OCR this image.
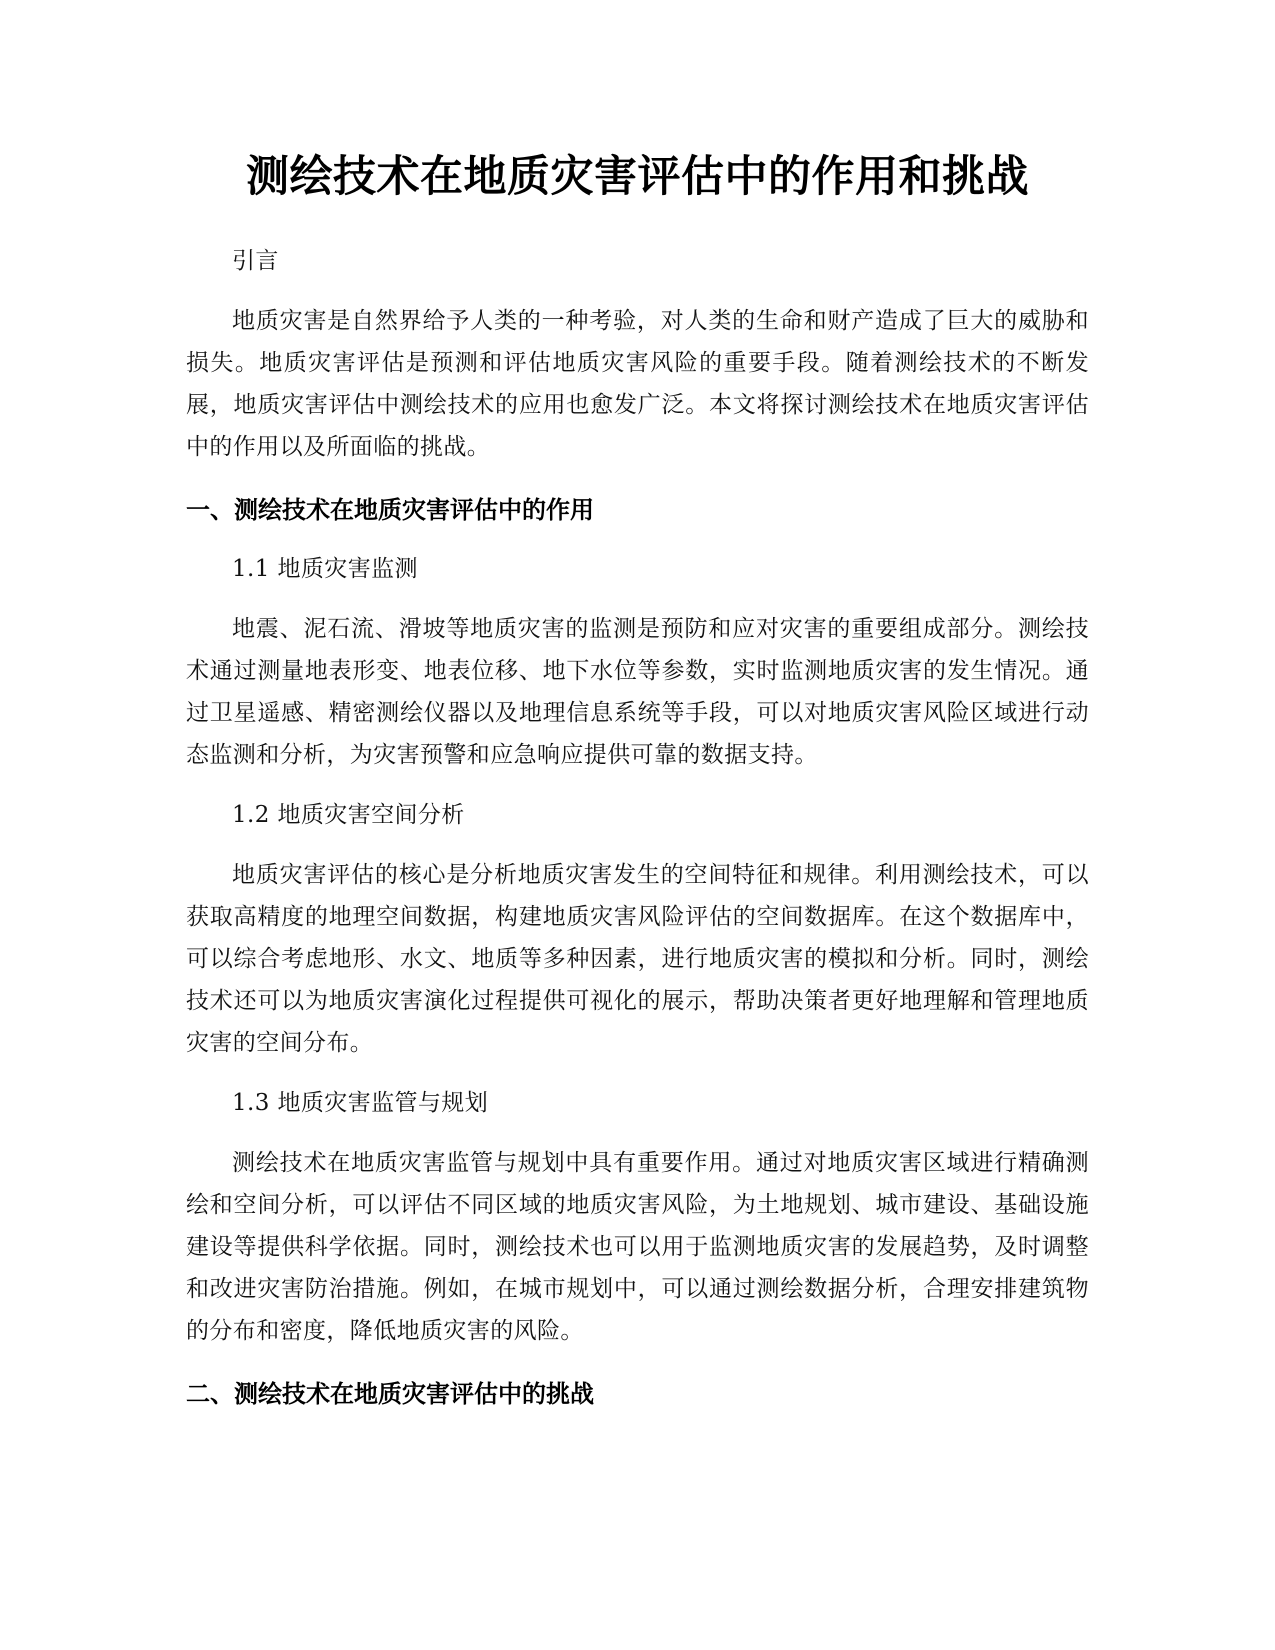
测绘技术在地质灾害评估中的作用和挑战

引言

地质灾害是自然界给予人类的一种考验，对人类的生命和财产造成了巨大的威胁和损失。地质灾害评估是预测和评估地质灾害风险的重要手段。随着测绘技术的不断发展，地质灾害评估中测绘技术的应用也愈发广泛。本文将探讨测绘技术在地质灾害评估中的作用以及所面临的挑战。

一、测绘技术在地质灾害评估中的作用

1.1 地质灾害监测

地震、泥石流、滑坡等地质灾害的监测是预防和应对灾害的重要组成部分。测绘技术通过测量地表形变、地表位移、地下水位等参数，实时监测地质灾害的发生情况。通过卫星遥感、精密测绘仪器以及地理信息系统等手段，可以对地质灾害风险区域进行动态监测和分析，为灾害预警和应急响应提供可靠的数据支持。

1.2 地质灾害空间分析

地质灾害评估的核心是分析地质灾害发生的空间特征和规律。利用测绘技术，可以获取高精度的地理空间数据，构建地质灾害风险评估的空间数据库。在这个数据库中，可以综合考虑地形、水文、地质等多种因素，进行地质灾害的模拟和分析。同时，测绘技术还可以为地质灾害演化过程提供可视化的展示，帮助决策者更好地理解和管理地质灾害的空间分布。

1.3 地质灾害监管与规划

测绘技术在地质灾害监管与规划中具有重要作用。通过对地质灾害区域进行精确测绘和空间分析，可以评估不同区域的地质灾害风险，为土地规划、城市建设、基础设施建设等提供科学依据。同时，测绘技术也可以用于监测地质灾害的发展趋势，及时调整和改进灾害防治措施。例如，在城市规划中，可以通过测绘数据分析，合理安排建筑物的分布和密度，降低地质灾害的风险。

二、测绘技术在地质灾害评估中的挑战
